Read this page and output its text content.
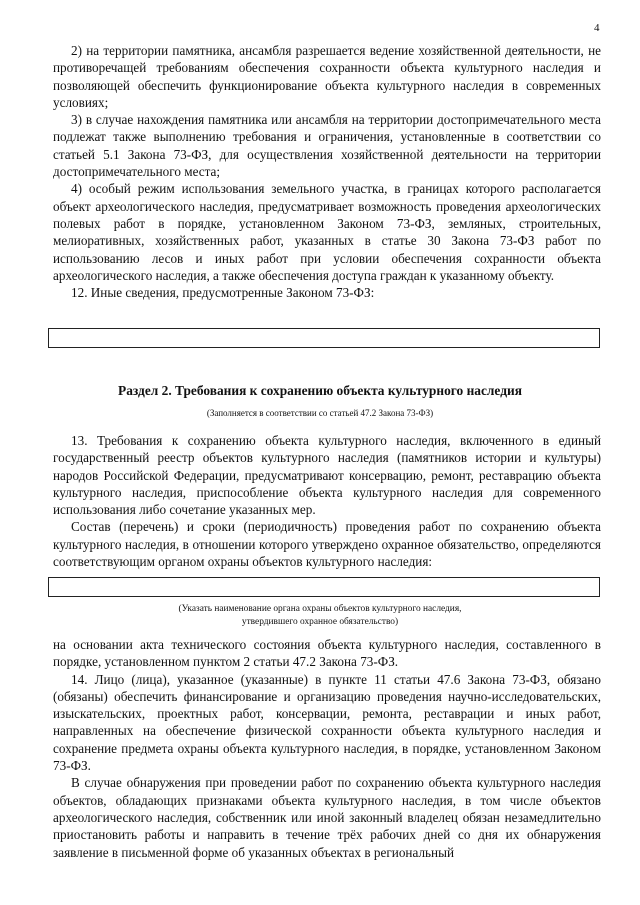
4

2) на территории памятника, ансамбля разрешается ведение хозяйственной деятельности, не противоречащей требованиям обеспечения сохранности объекта культурного наследия и позволяющей обеспечить функционирование объекта культурного наследия в современных условиях;

3) в случае нахождения памятника или ансамбля на территории достопримечательного места подлежат также выполнению требования и ограничения, установленные в соответствии со статьей 5.1 Закона 73-ФЗ, для осуществления хозяйственной деятельности на территории достопримечательного места;

4) особый режим использования земельного участка, в границах которого располагается объект археологического наследия, предусматривает возможность проведения археологических полевых работ в порядке, установленном Законом 73-ФЗ, земляных, строительных, мелиоративных, хозяйственных работ, указанных в статье 30 Закона 73-ФЗ работ по использованию лесов и иных работ при условии обеспечения сохранности объекта археологического наследия, а также обеспечения доступа граждан к указанному объекту.

12. Иные сведения, предусмотренные Законом 73-ФЗ:

Раздел 2. Требования к сохранению объекта культурного наследия
(Заполняется в соответствии со статьей 47.2 Закона 73-ФЗ)

13. Требования к сохранению объекта культурного наследия, включенного в единый государственный реестр объектов культурного наследия (памятников истории и культуры) народов Российской Федерации, предусматривают консервацию, ремонт, реставрацию объекта культурного наследия, приспособление объекта культурного наследия для современного использования либо сочетание указанных мер.

Состав (перечень) и сроки (периодичность) проведения работ по сохранению объекта культурного наследия, в отношении которого утверждено охранное обязательство, определяются соответствующим органом охраны объектов культурного наследия:

(Указать наименование органа охраны объектов культурного наследия,
утвердившего охранное обязательство)

на основании акта технического состояния объекта культурного наследия, составленного в порядке, установленном пунктом 2 статьи 47.2 Закона 73-ФЗ.

14. Лицо (лица), указанное (указанные) в пункте 11 статьи 47.6 Закона 73-ФЗ, обязано (обязаны) обеспечить финансирование и организацию проведения научно-исследовательских, изыскательских, проектных работ, консервации, ремонта, реставрации и иных работ, направленных на обеспечение физической сохранности объекта культурного наследия и сохранение предмета охраны объекта культурного наследия, в порядке, установленном Законом 73-ФЗ.

В случае обнаружения при проведении работ по сохранению объекта культурного наследия объектов, обладающих признаками объекта культурного наследия, в том числе объектов археологического наследия, собственник или иной законный владелец обязан незамедлительно приостановить работы и направить в течение трёх рабочих дней со дня их обнаружения заявление в письменной форме об указанных объектах в региональный
